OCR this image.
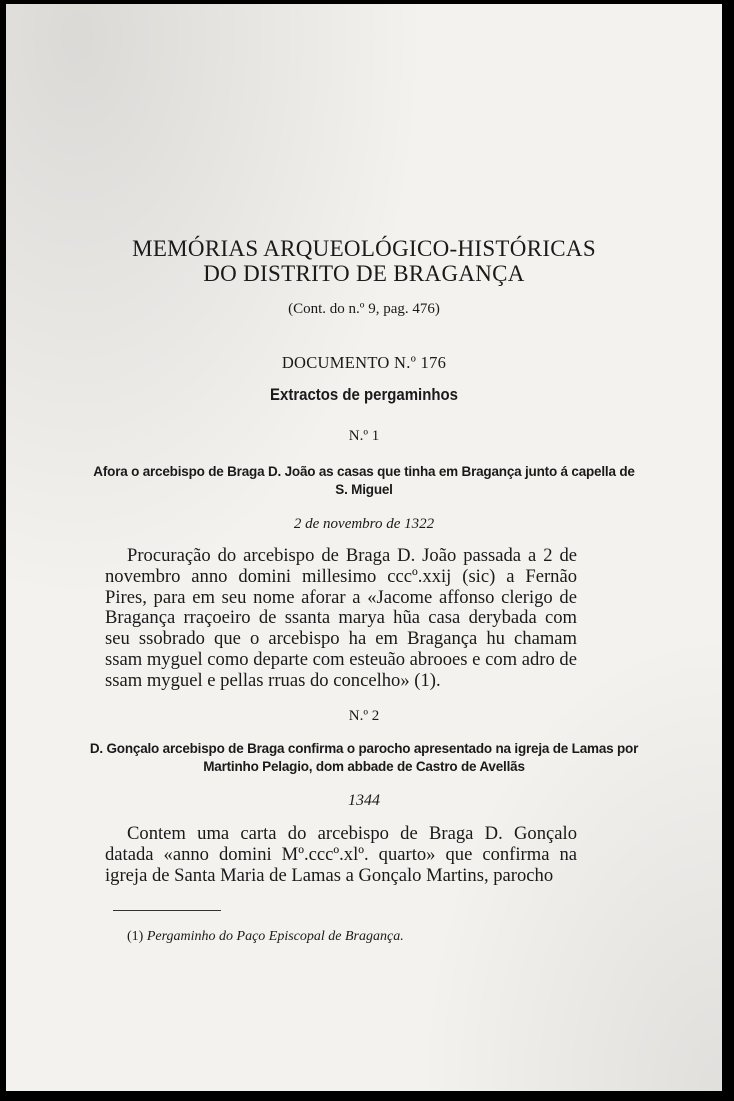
MEMÓRIAS ARQUEOLÓGICO-HISTÓRICAS

DO DISTRITO DE BRAGANÇA

(Cont. do n.º 9, pag. 476)

DOCUMENTO N.º 176

Extractos de pergaminhos

N.º 1

Afora o arcebispo de Braga D. João as casas que tinha em Bragança junto á capella de S. Miguel

2 de novembro de 1322

Procuração do arcebispo de Braga D. João passada a 2 de novembro anno domini millesimo cccº.xxij (sic) a Fernão Pires, para em seu nome aforar a «Jacome affonso clerigo de Bragança rraçoeiro de ssanta marya hũa casa derybada com seu ssobrado que o arcebispo ha em Bragança hu chamam ssam myguel como departe com esteuão abrooes e com adro de ssam myguel e pellas rruas do concelho» (1).

N.º 2

D. Gonçalo arcebispo de Braga confirma o parocho apresentado na igreja de Lamas por Martinho Pelagio, dom abbade de Castro de Avellãs

1344

Contem uma carta do arcebispo de Braga D. Gonçalo datada «anno domini Mº.cccº.xlº. quarto» que confirma na igreja de Santa Maria de Lamas a Gonçalo Martins, parocho

(1) Pergaminho do Paço Episcopal de Bragança.
